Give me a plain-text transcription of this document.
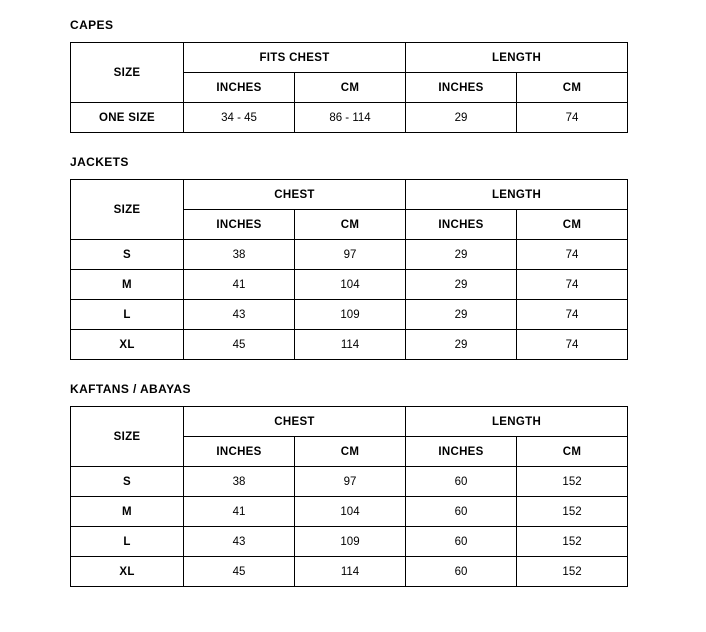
CAPES
SIZE	FITS CHEST		LENGTH	
	INCHES	CM	INCHES	CM
ONE SIZE	34 - 45	86 - 114	29	74
JACKETS
SIZE	CHEST		LENGTH	
	INCHES	CM	INCHES	CM
S	38	97	29	74
M	41	104	29	74
L	43	109	29	74
XL	45	114	29	74
KAFTANS / ABAYAS
SIZE	CHEST		LENGTH	
	INCHES	CM	INCHES	CM
S	38	97	60	152
M	41	104	60	152
L	43	109	60	152
XL	45	114	60	152
